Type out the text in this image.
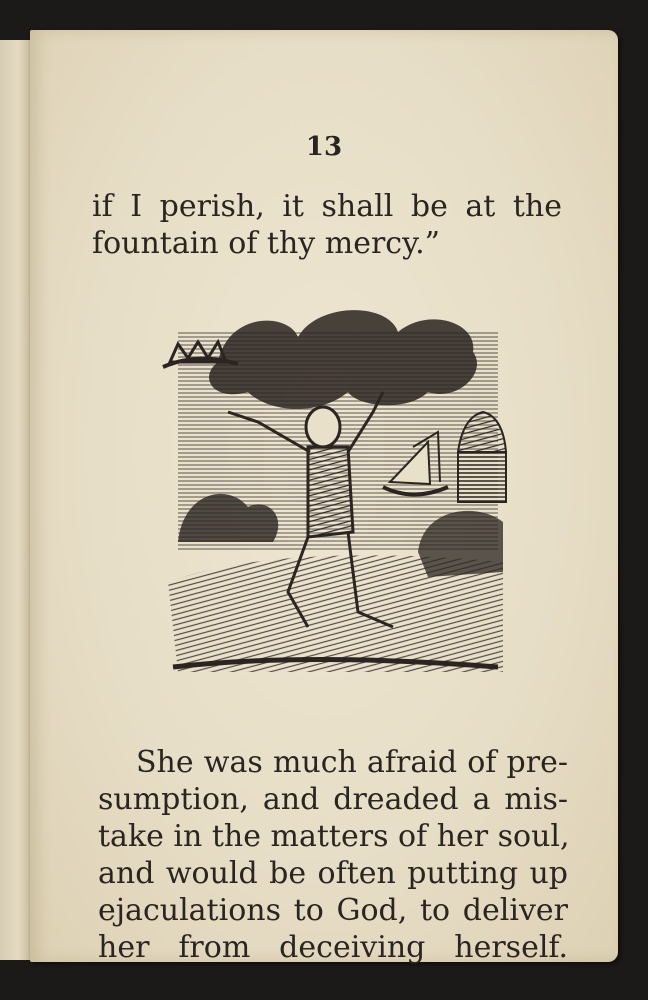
13
if I perish, it shall be at the
fountain of thy mercy.”
She was much afraid of pre-
sumption, and dreaded a mis-
take in the matters of her soul,
and would be often putting up
ejaculations to God, to deliver
her from deceiving herself.
